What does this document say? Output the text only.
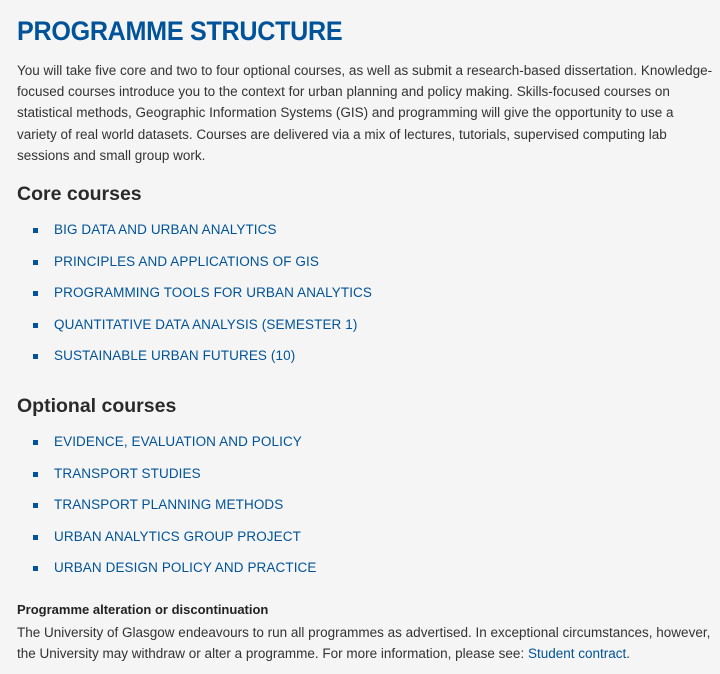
PROGRAMME STRUCTURE

You will take five core and two to four optional courses, as well as submit a research-based dissertation. Knowledge-focused courses introduce you to the context for urban planning and policy making. Skills-focused courses on statistical methods, Geographic Information Systems (GIS) and programming will give the opportunity to use a variety of real world datasets. Courses are delivered via a mix of lectures, tutorials, supervised computing lab sessions and small group work.

Core courses
BIG DATA AND URBAN ANALYTICS
PRINCIPLES AND APPLICATIONS OF GIS
PROGRAMMING TOOLS FOR URBAN ANALYTICS
QUANTITATIVE DATA ANALYSIS (SEMESTER 1)
SUSTAINABLE URBAN FUTURES (10)
Optional courses
EVIDENCE, EVALUATION AND POLICY
TRANSPORT STUDIES
TRANSPORT PLANNING METHODS
URBAN ANALYTICS GROUP PROJECT
URBAN DESIGN POLICY AND PRACTICE
Programme alteration or discontinuation

The University of Glasgow endeavours to run all programmes as advertised. In exceptional circumstances, however, the University may withdraw or alter a programme. For more information, please see: Student contract.
